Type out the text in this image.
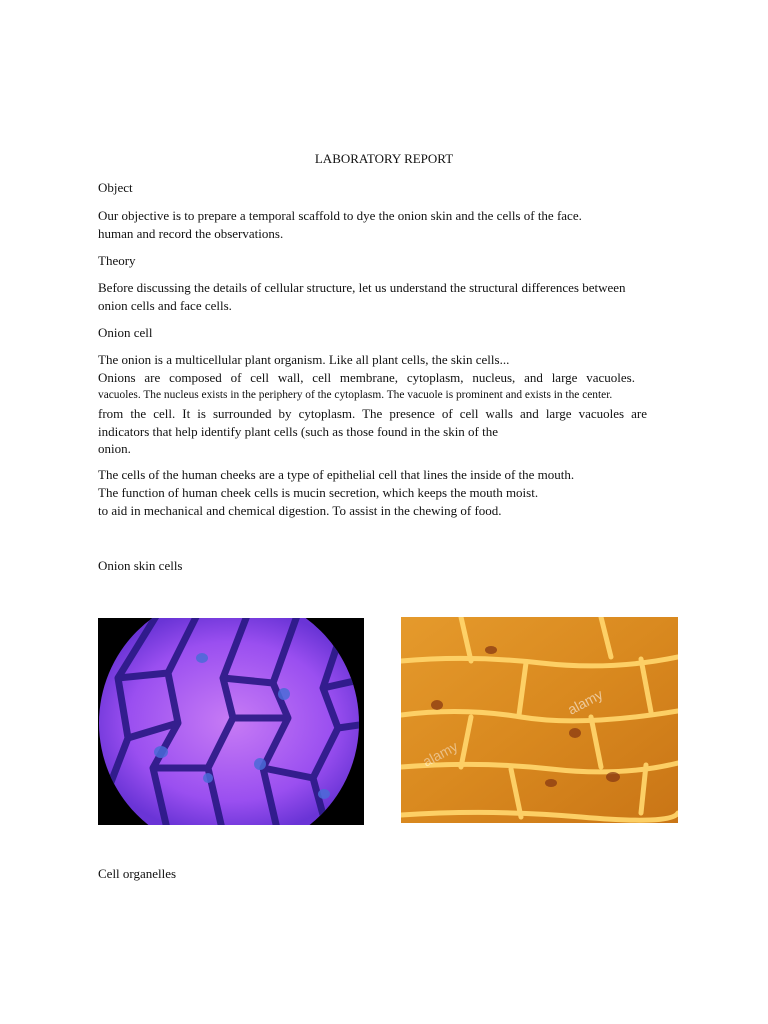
LABORATORY REPORT

Object

Our objective is to prepare a temporal scaffold to dye the onion skin and the cells of the face.

human and record the observations.

Theory

Before discussing the details of cellular structure, let us understand the structural differences between

onion cells and face cells.

Onion cell

The onion is a multicellular plant organism. Like all plant cells, the skin cells...

Onions are composed of cell wall, cell membrane, cytoplasm, nucleus, and large vacuoles.

vacuoles. The nucleus exists in the periphery of the cytoplasm. The vacuole is prominent and exists in the center.

from the cell. It is surrounded by cytoplasm. The presence of cell walls and large vacuoles are

indicators that help identify plant cells (such as those found in the skin of the

onion.

The cells of the human cheeks are a type of epithelial cell that lines the inside of the mouth.

The function of human cheek cells is mucin secretion, which keeps the mouth moist.

to aid in mechanical and chemical digestion. To assist in the chewing of food.

Onion skin cells

alamy
alamy

Cell organelles
